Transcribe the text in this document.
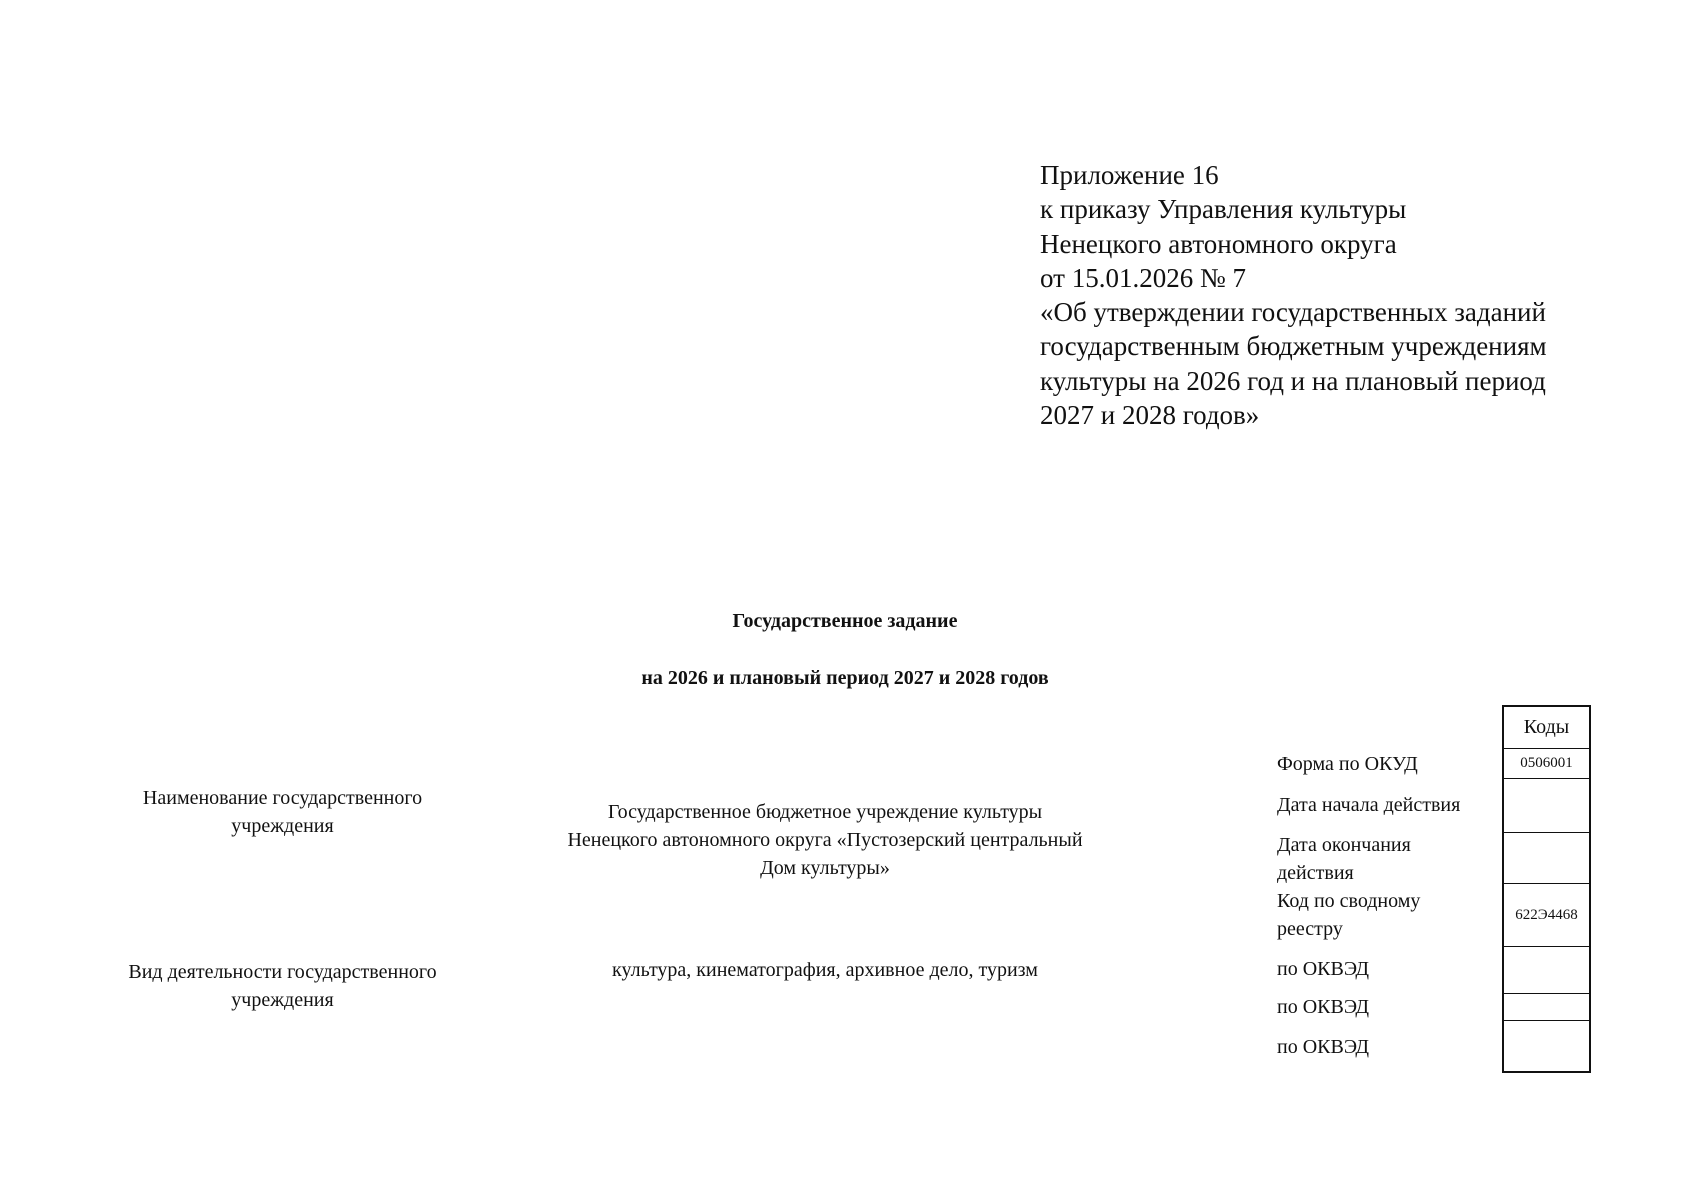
Приложение 16
к приказу Управления культуры
Ненецкого автономного округа
от 15.01.2026 № 7
«Об утверждении государственных заданий
государственным бюджетным учреждениям
культуры на 2026 год и на плановый период
2027 и 2028 годов»
Государственное задание
на 2026 и плановый период 2027 и 2028 годов
Наименование государственного
учреждения
Государственное бюджетное учреждение культуры
Ненецкого автономного округа «Пустозерский центральный
Дом культуры»
Вид деятельности государственного
учреждения
культура, кинематография, архивное дело, туризм
Форма по ОКУД
Дата начала действия
Дата окончания
действия
Код по сводному
реестру
по ОКВЭД
по ОКВЭД
по ОКВЭД
Коды
0506001
622Э4468
